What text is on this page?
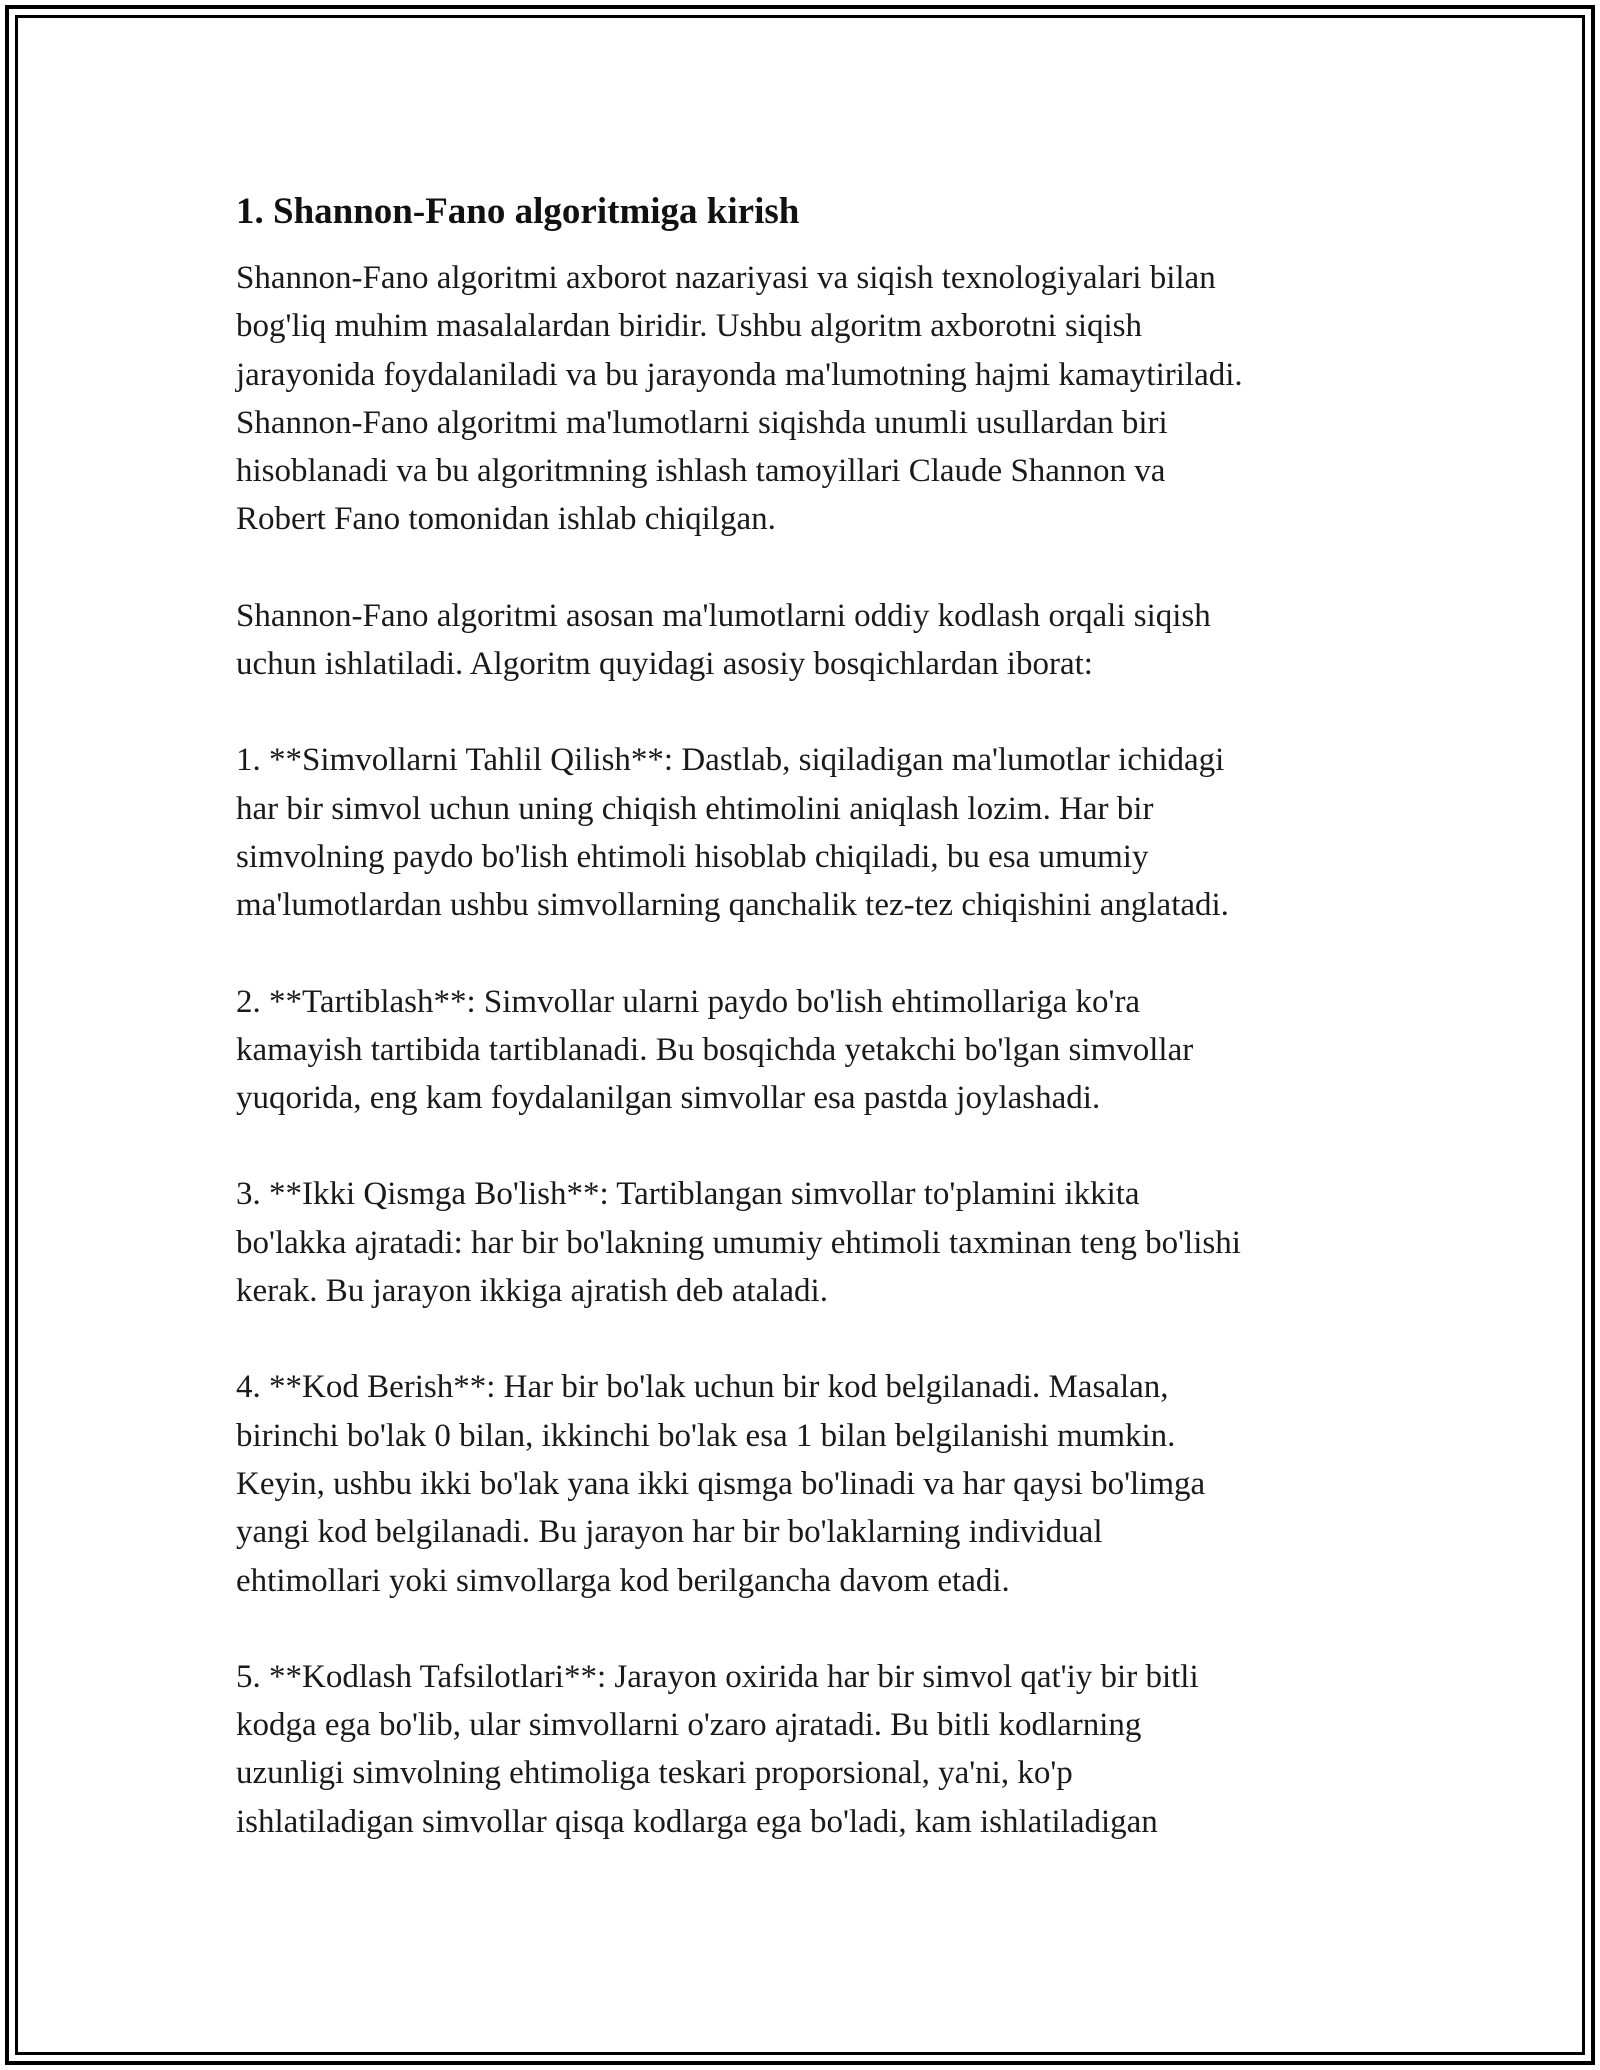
1. Shannon-Fano algoritmiga kirish
Shannon-Fano algoritmi axborot nazariyasi va siqish texnologiyalari bilan
bog'liq muhim masalalardan biridir. Ushbu algoritm axborotni siqish
jarayonida foydalaniladi va bu jarayonda ma'lumotning hajmi kamaytiriladi.
Shannon-Fano algoritmi ma'lumotlarni siqishda unumli usullardan biri
hisoblanadi va bu algoritmning ishlash tamoyillari Claude Shannon va
Robert Fano tomonidan ishlab chiqilgan.
Shannon-Fano algoritmi asosan ma'lumotlarni oddiy kodlash orqali siqish
uchun ishlatiladi. Algoritm quyidagi asosiy bosqichlardan iborat:
1. **Simvollarni Tahlil Qilish**: Dastlab, siqiladigan ma'lumotlar ichidagi
har bir simvol uchun uning chiqish ehtimolini aniqlash lozim. Har bir
simvolning paydo bo'lish ehtimoli hisoblab chiqiladi, bu esa umumiy
ma'lumotlardan ushbu simvollarning qanchalik tez-tez chiqishini anglatadi.
2. **Tartiblash**: Simvollar ularni paydo bo'lish ehtimollariga ko'ra
kamayish tartibida tartiblanadi. Bu bosqichda yetakchi bo'lgan simvollar
yuqorida, eng kam foydalanilgan simvollar esa pastda joylashadi.
3. **Ikki Qismga Bo'lish**: Tartiblangan simvollar to'plamini ikkita
bo'lakka ajratadi: har bir bo'lakning umumiy ehtimoli taxminan teng bo'lishi
kerak. Bu jarayon ikkiga ajratish deb ataladi.
4. **Kod Berish**: Har bir bo'lak uchun bir kod belgilanadi. Masalan,
birinchi bo'lak 0 bilan, ikkinchi bo'lak esa 1 bilan belgilanishi mumkin.
Keyin, ushbu ikki bo'lak yana ikki qismga bo'linadi va har qaysi bo'limga
yangi kod belgilanadi. Bu jarayon har bir bo'laklarning individual
ehtimollari yoki simvollarga kod berilgancha davom etadi.
5. **Kodlash Tafsilotlari**: Jarayon oxirida har bir simvol qat'iy bir bitli
kodga ega bo'lib, ular simvollarni o'zaro ajratadi. Bu bitli kodlarning
uzunligi simvolning ehtimoliga teskari proporsional, ya'ni, ko'p
ishlatiladigan simvollar qisqa kodlarga ega bo'ladi, kam ishlatiladigan
